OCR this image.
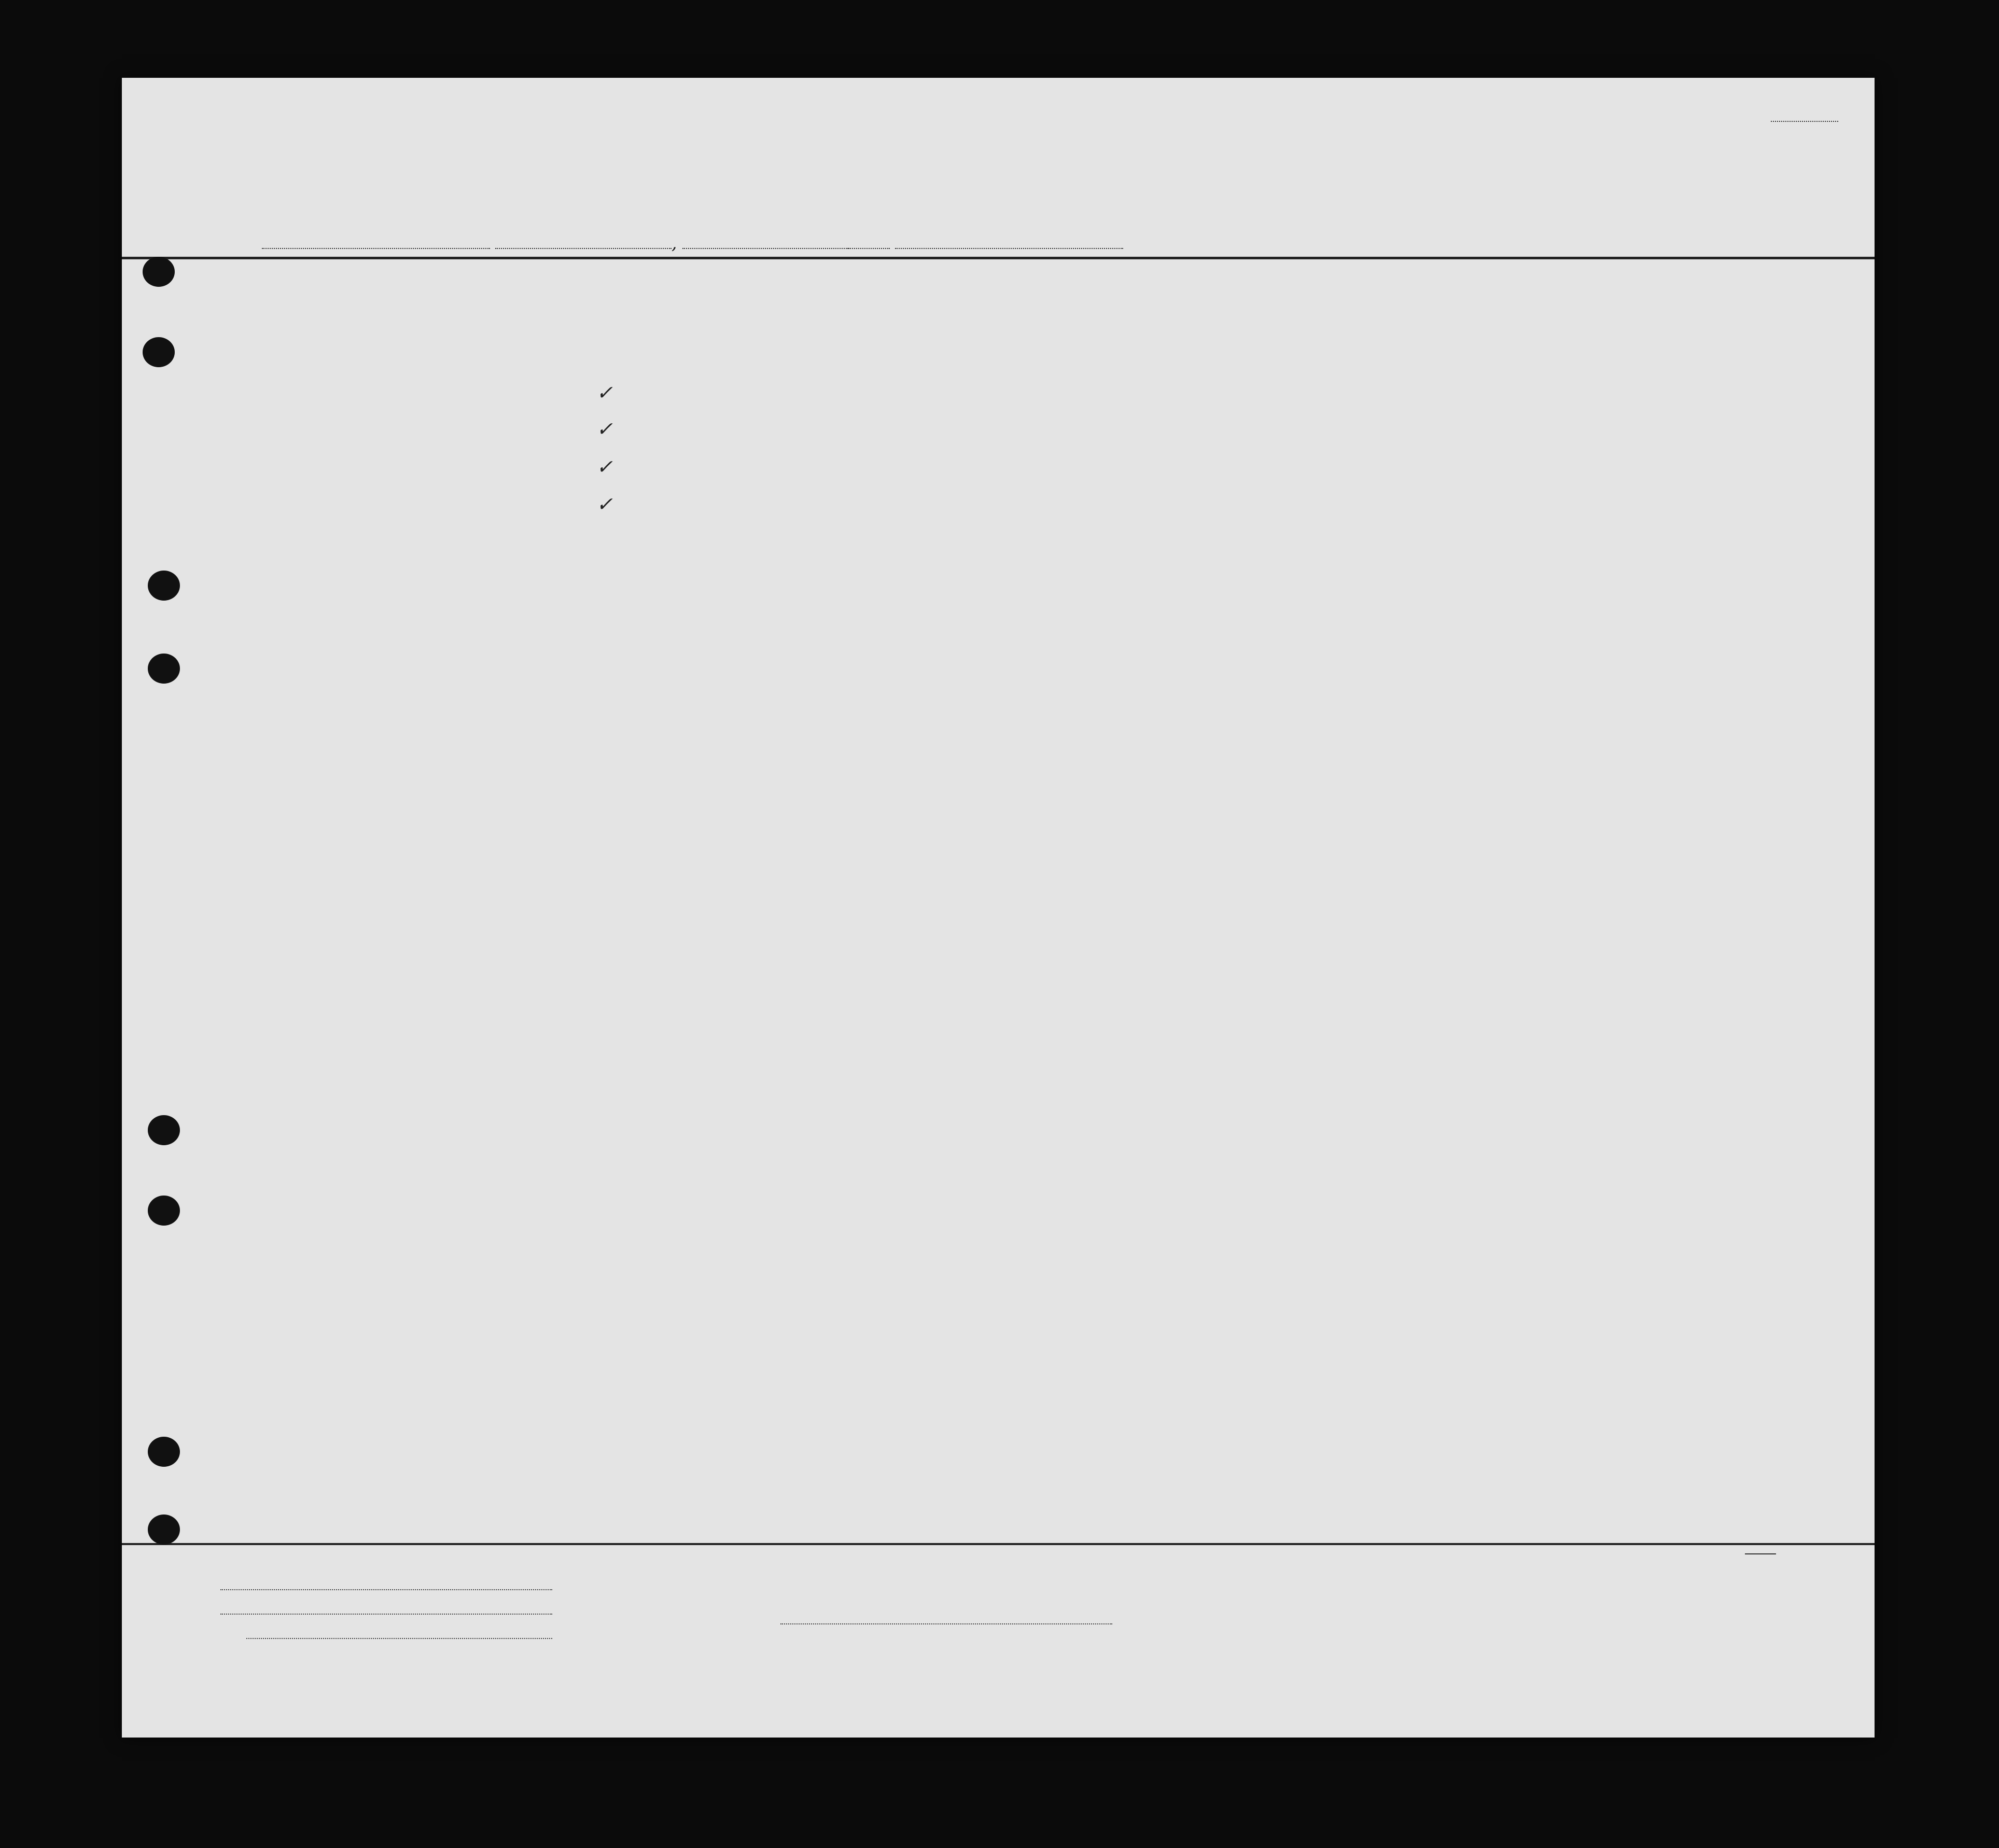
,
✓
✓
✓
✓
